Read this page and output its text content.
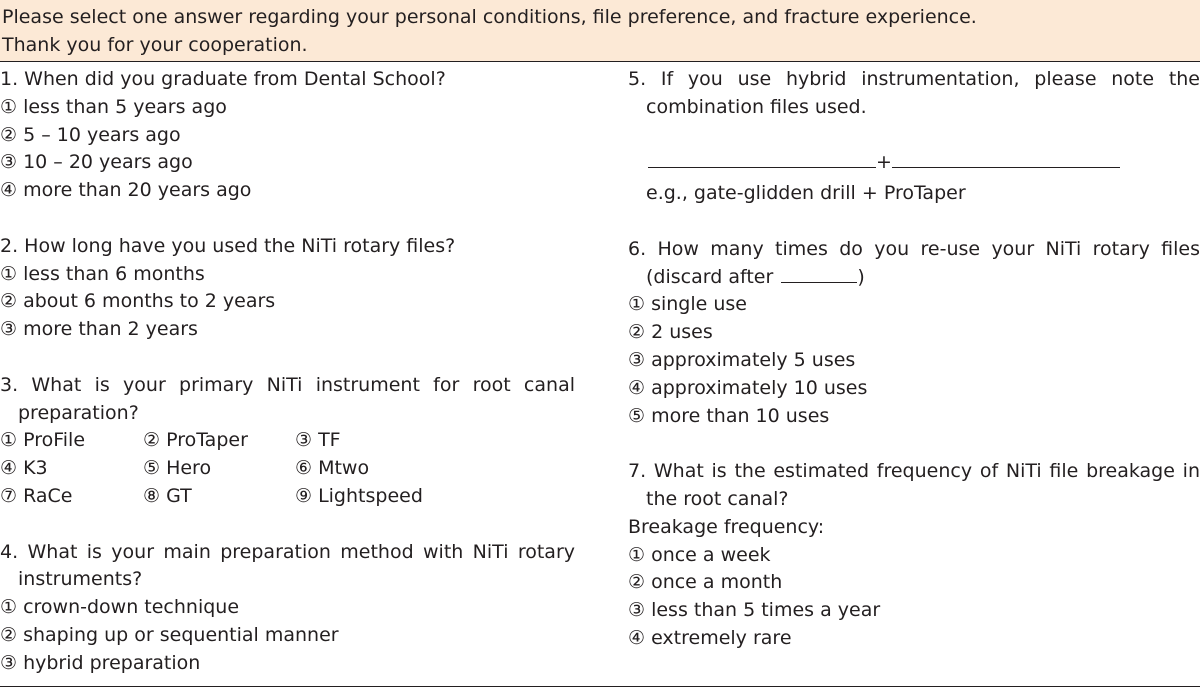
Please select one answer regarding your personal conditions, file preference, and fracture experience.
Thank you for your cooperation.
1. When did you graduate from Dental School?
① less than 5 years ago
② 5 – 10 years ago
③ 10 – 20 years ago
④ more than 20 years ago
2. How long have you used the NiTi rotary files?
① less than 6 months
② about 6 months to 2 years
③ more than 2 years
3. What is your primary NiTi instrument for root canal preparation?
① ProFile	② ProTaper	③ TF
④ K3	⑤ Hero	⑥ Mtwo
⑦ RaCe	⑧ GT	⑨ Lightspeed
4. What is your main preparation method with NiTi rotary instruments?
① crown-down technique
② shaping up or sequential manner
③ hybrid preparation
5. If you use hybrid instrumentation, please note the combination files used.
+
e.g., gate-glidden drill + ProTaper
6. How many times do you re-use your NiTi rotary files
(discard after	)
① single use
② 2 uses
③ approximately 5 uses
④ approximately 10 uses
⑤ more than 10 uses
7. What is the estimated frequency of NiTi file breakage in the root canal?
Breakage frequency:
① once a week
② once a month
③ less than 5 times a year
④ extremely rare
